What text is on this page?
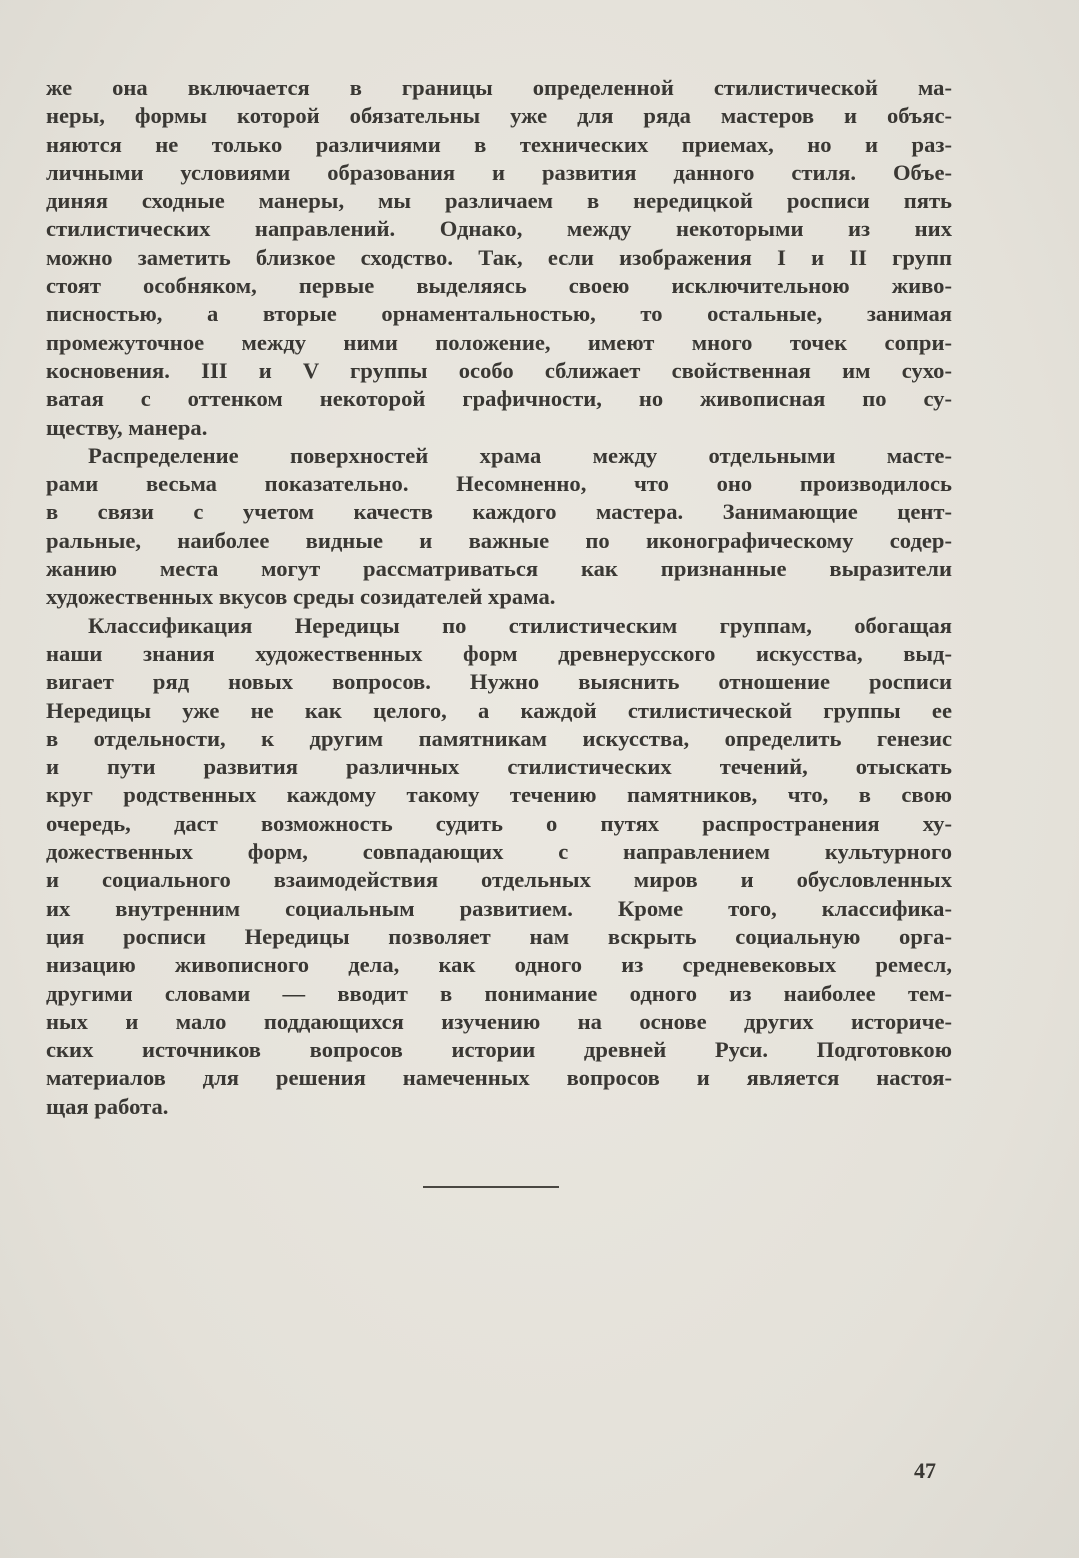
же она включается в границы определенной стилистической ма-
неры, формы которой обязательны уже для ряда мастеров и объяс-
няются не только различиями в технических приемах, но и раз-
личными условиями образования и развития данного стиля. Объе-
диняя сходные манеры, мы различаем в нередицкой росписи пять
стилистических направлений. Однако, между некоторыми из них
можно заметить близкое сходство. Так, если изображения I и II групп
стоят особняком, первые выделяясь своею исключительною живо-
писностью, а вторые орнаментальностью, то остальные, занимая
промежуточное между ними положение, имеют много точек сопри-
косновения. III и V группы особо сближает свойственная им сухо-
ватая с оттенком некоторой графичности, но живописная по су-
ществу, манера.
Распределение поверхностей храма между отдельными масте-
рами весьма показательно. Несомненно, что оно производилось
в связи с учетом качеств каждого мастера. Занимающие цент-
ральные, наиболее видные и важные по иконографическому содер-
жанию места могут рассматриваться как признанные выразители
художественных вкусов среды созидателей храма.
Классификация Нередицы по стилистическим группам, обогащая
наши знания художественных форм древнерусского искусства, выд-
вигает ряд новых вопросов. Нужно выяснить отношение росписи
Нередицы уже не как целого, а каждой стилистической группы ее
в отдельности, к другим памятникам искусства, определить генезис
и пути развития различных стилистических течений, отыскать
круг родственных каждому такому течению памятников, что, в свою
очередь, даст возможность судить о путях распространения ху-
дожественных форм, совпадающих с направлением культурного
и социального взаимодействия отдельных миров и обусловленных
их внутренним социальным развитием. Кроме того, классифика-
ция росписи Нередицы позволяет нам вскрыть социальную орга-
низацию живописного дела, как одного из средневековых ремесл,
другими словами — вводит в понимание одного из наиболее тем-
ных и мало поддающихся изучению на основе других историче-
ских источников вопросов истории древней Руси. Подготовкою
материалов для решения намеченных вопросов и является настоя-
щая работа.
47
